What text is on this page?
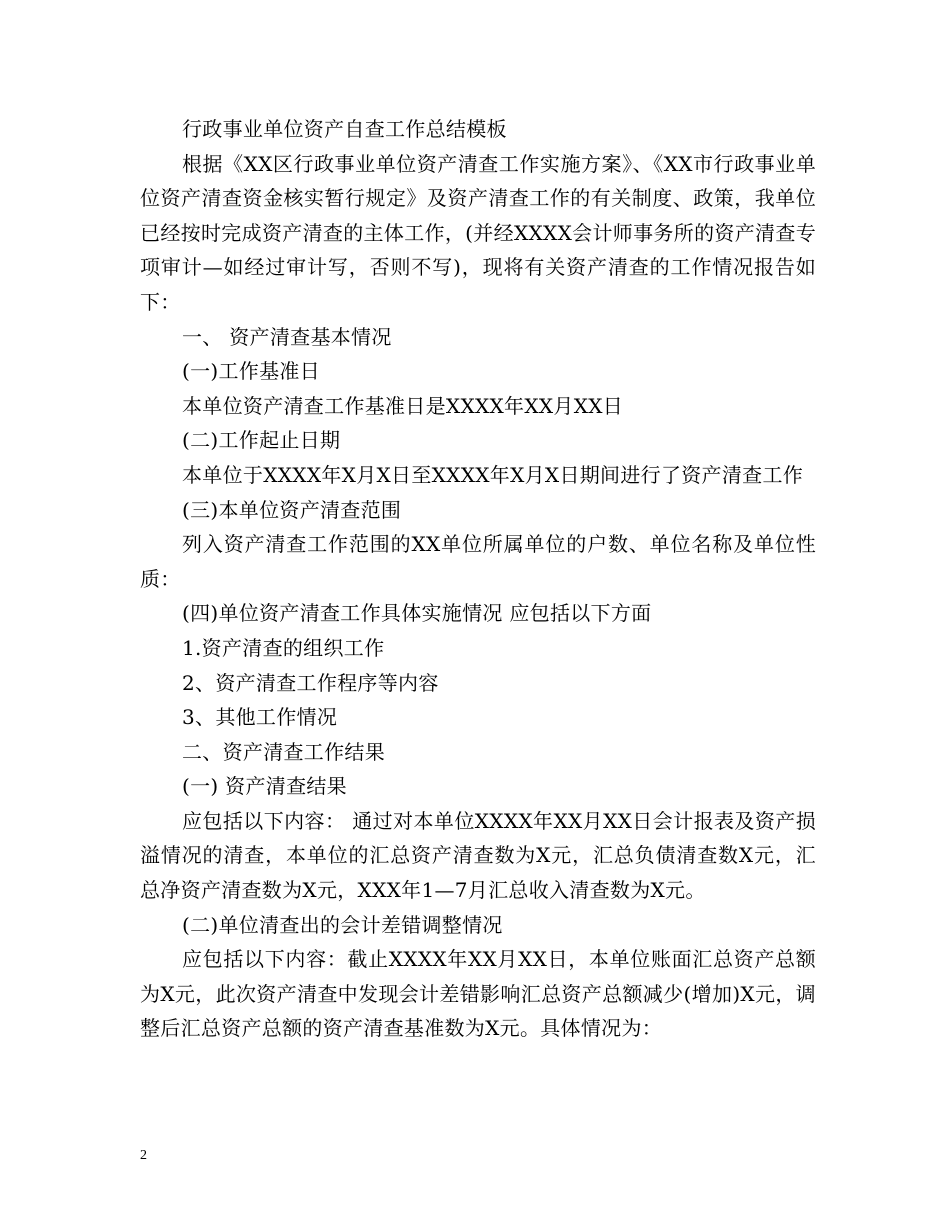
行政事业单位资产自查工作总结模板

根据《XX区行政事业单位资产清查工作实施方案》、《XX市行政事业单位资产清查资金核实暂行规定》及资产清查工作的有关制度、政策，我单位已经按时完成资产清查的主体工作，(并经XXXX会计师事务所的资产清查专项审计—如经过审计写，否则不写)，现将有关资产清查的工作情况报告如下：

一、 资产清查基本情况

(一)工作基准日

本单位资产清查工作基准日是XXXX年XX月XX日

(二)工作起止日期

本单位于XXXX年X月X日至XXXX年X月X日期间进行了资产清查工作

(三)本单位资产清查范围

列入资产清查工作范围的XX单位所属单位的户数、单位名称及单位性质：

(四)单位资产清查工作具体实施情况 应包括以下方面

1.资产清查的组织工作

2、资产清查工作程序等内容

3、其他工作情况

二、资产清查工作结果

(一) 资产清查结果

应包括以下内容： 通过对本单位XXXX年XX月XX日会计报表及资产损溢情况的清查，本单位的汇总资产清查数为X元，汇总负债清查数X元，汇总净资产清查数为X元，XXX年1—7月汇总收入清查数为X元。

(二)单位清查出的会计差错调整情况

应包括以下内容：截止XXXX年XX月XX日，本单位账面汇总资产总额为X元，此次资产清查中发现会计差错影响汇总资产总额减少(增加)X元，调整后汇总资产总额的资产清查基准数为X元。具体情况为：

2
